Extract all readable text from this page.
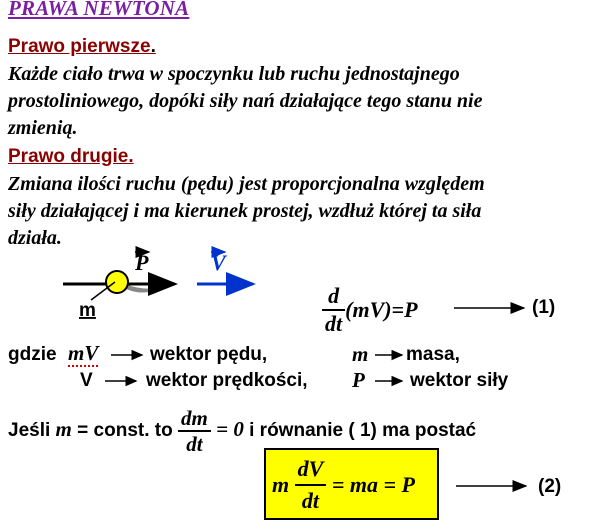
PRAWA NEWTONA
Prawo pierwsze.
Każde ciało trwa w spoczynku lub ruchu jednostajnego
prostoliniowego, dopóki siły nań działające tego stanu nie
zmienią.
Prawo drugie.
Zmiana ilości ruchu (pędu) jest proporcjonalna względem
siły działającej i ma kierunek prostej, wzdłuż której ta siła
działa.
P	V
m	$\frac{d}{dt} (mV)=P$	(1)
gdzie mV	wektor pędu,	m masa,
V	wektor prędkości, P wektor siły
Jeśli m = const. to $\frac{dm}{dt} = 0$ i równanie ( 1) ma postać
m $\frac{dV}{dt}$ = ma = P	(2)
